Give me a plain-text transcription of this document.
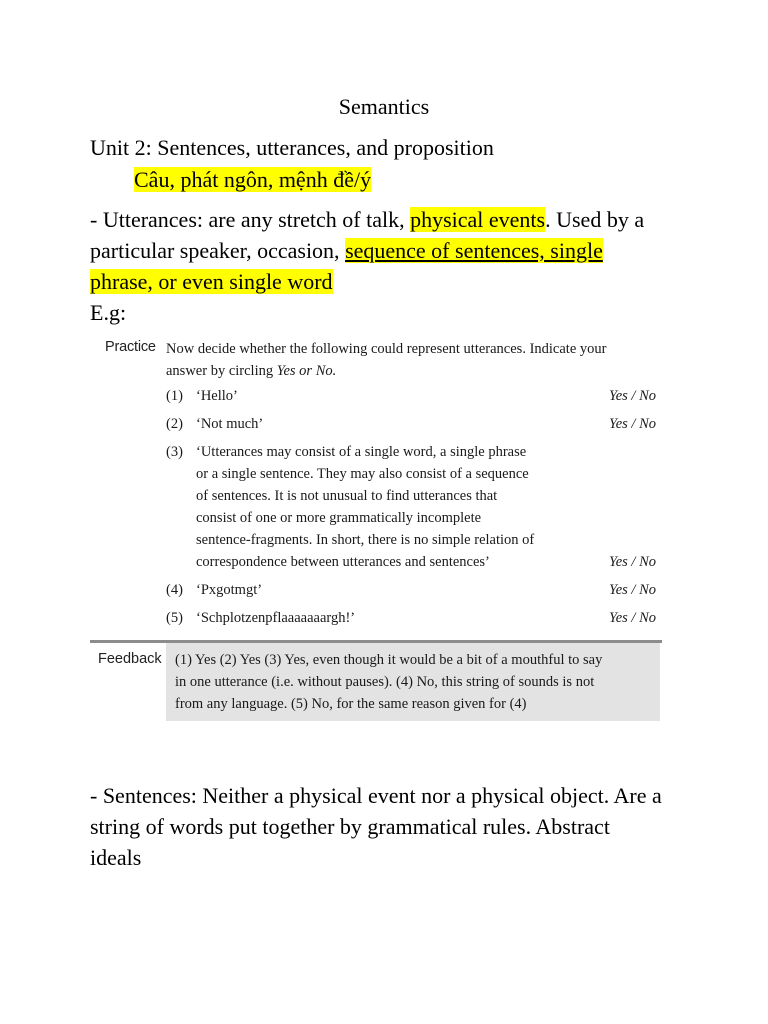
Semantics
Unit 2: Sentences, utterances, and proposition
Câu, phát ngôn, mệnh đề/ý
- Utterances: are any stretch of talk, physical events. Used by a
particular speaker, occasion, sequence of sentences, single
phrase, or even single word
E.g:
Practice Now decide whether the following could represent utterances. Indicate your
answer by circling Yes or No.
(1) ‘Hello’	Yes / No
(2) ‘Not much’	Yes / No
(3) ‘Utterances may consist of a single word, a single phrase
or a single sentence. They may also consist of a sequence
of sentences. It is not unusual to find utterances that
consist of one or more grammatically incomplete
sentence-fragments. In short, there is no simple relation of
correspondence between utterances and sentences’	Yes / No
(4) ‘Pxgotmgt’	Yes / No
(5) ‘Schplotzenpflaaaaaaargh!’	Yes / No
Feedback (1) Yes (2) Yes (3) Yes, even though it would be a bit of a mouthful to say
in one utterance (i.e. without pauses). (4) No, this string of sounds is not
from any language. (5) No, for the same reason given for (4)
- Sentences: Neither a physical event nor a physical object. Are a
string of words put together by grammatical rules. Abstract
ideals
